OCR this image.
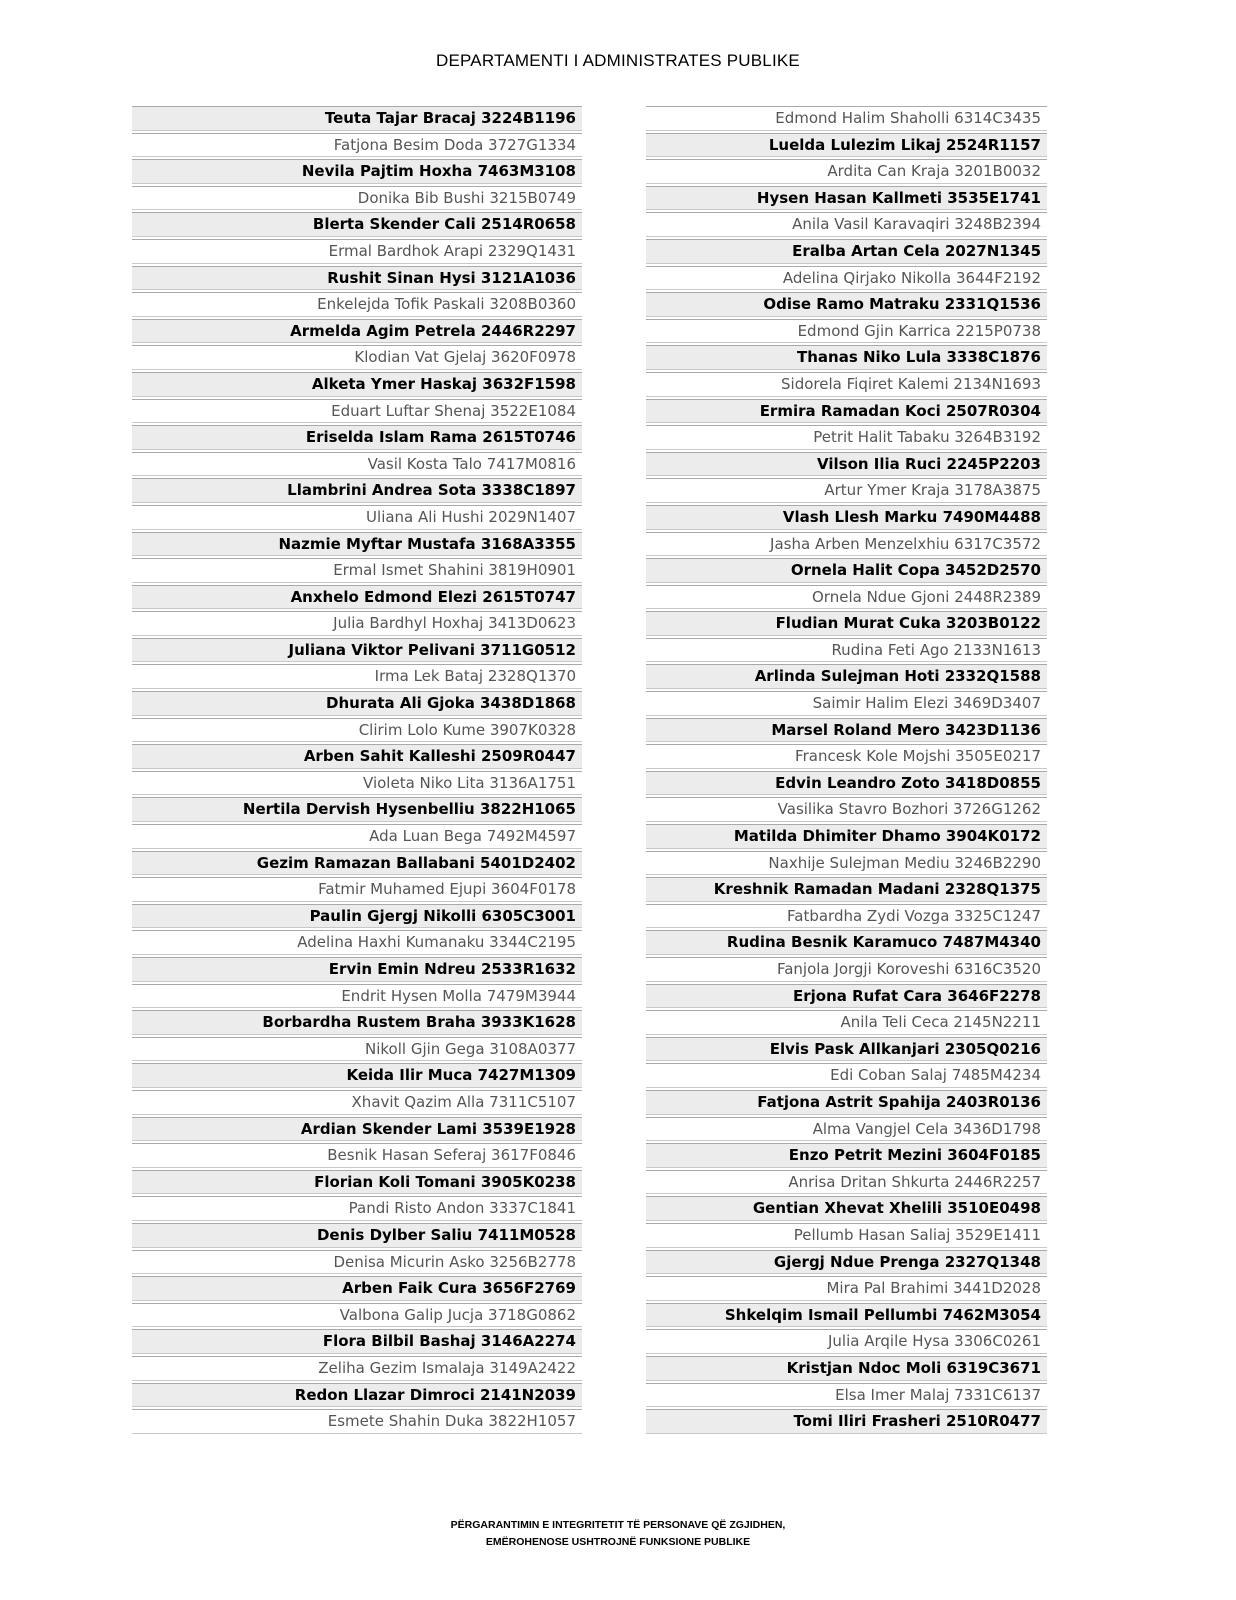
DEPARTAMENTI I ADMINISTRATES PUBLIKE
Teuta Tajar Bracaj 3224B1196
Fatjona Besim Doda 3727G1334
Nevila Pajtim Hoxha 7463M3108
Donika Bib Bushi 3215B0749
Blerta Skender Cali 2514R0658
Ermal Bardhok Arapi 2329Q1431
Rushit Sinan Hysi 3121A1036
Enkelejda Tofik Paskali 3208B0360
Armelda Agim Petrela 2446R2297
Klodian Vat Gjelaj 3620F0978
Alketa Ymer Haskaj 3632F1598
Eduart Luftar Shenaj 3522E1084
Eriselda Islam Rama 2615T0746
Vasil Kosta Talo 7417M0816
Llambrini Andrea Sota 3338C1897
Uliana Ali Hushi 2029N1407
Nazmie Myftar Mustafa 3168A3355
Ermal Ismet Shahini 3819H0901
Anxhelo Edmond Elezi 2615T0747
Julia Bardhyl Hoxhaj 3413D0623
Juliana Viktor Pelivani 3711G0512
Irma Lek Bataj 2328Q1370
Dhurata Ali Gjoka 3438D1868
Clirim Lolo Kume 3907K0328
Arben Sahit Kalleshi 2509R0447
Violeta Niko Lita 3136A1751
Nertila Dervish Hysenbelliu 3822H1065
Ada Luan Bega 7492M4597
Gezim Ramazan Ballabani 5401D2402
Fatmir Muhamed Ejupi 3604F0178
Paulin Gjergj Nikolli 6305C3001
Adelina Haxhi Kumanaku 3344C2195
Ervin Emin Ndreu 2533R1632
Endrit Hysen Molla 7479M3944
Borbardha Rustem Braha 3933K1628
Nikoll Gjin Gega 3108A0377
Keida Ilir Muca 7427M1309
Xhavit Qazim Alla 7311C5107
Ardian Skender Lami 3539E1928
Besnik Hasan Seferaj 3617F0846
Florian Koli Tomani 3905K0238
Pandi Risto Andon 3337C1841
Denis Dylber Saliu 7411M0528
Denisa Micurin Asko 3256B2778
Arben Faik Cura 3656F2769
Valbona Galip Jucja 3718G0862
Flora Bilbil Bashaj 3146A2274
Zeliha Gezim Ismalaja 3149A2422
Redon Llazar Dimroci 2141N2039
Esmete Shahin Duka 3822H1057
Edmond Halim Shaholli 6314C3435
Luelda Lulezim Likaj 2524R1157
Ardita Can Kraja 3201B0032
Hysen Hasan Kallmeti 3535E1741
Anila Vasil Karavaqiri 3248B2394
Eralba Artan Cela 2027N1345
Adelina Qirjako Nikolla 3644F2192
Odise Ramo Matraku 2331Q1536
Edmond Gjin Karrica 2215P0738
Thanas Niko Lula 3338C1876
Sidorela Fiqiret Kalemi 2134N1693
Ermira Ramadan Koci 2507R0304
Petrit Halit Tabaku 3264B3192
Vilson Ilia Ruci 2245P2203
Artur Ymer Kraja 3178A3875
Vlash Llesh Marku 7490M4488
Jasha Arben Menzelxhiu 6317C3572
Ornela Halit Copa 3452D2570
Ornela Ndue Gjoni 2448R2389
Fludian Murat Cuka 3203B0122
Rudina Feti Ago 2133N1613
Arlinda Sulejman Hoti 2332Q1588
Saimir Halim Elezi 3469D3407
Marsel Roland Mero 3423D1136
Francesk Kole Mojshi 3505E0217
Edvin Leandro Zoto 3418D0855
Vasilika Stavro Bozhori 3726G1262
Matilda Dhimiter Dhamo 3904K0172
Naxhije Sulejman Mediu 3246B2290
Kreshnik Ramadan Madani 2328Q1375
Fatbardha Zydi Vozga 3325C1247
Rudina Besnik Karamuco 7487M4340
Fanjola Jorgji Koroveshi 6316C3520
Erjona Rufat Cara 3646F2278
Anila Teli Ceca 2145N2211
Elvis Pask Allkanjari 2305Q0216
Edi Coban Salaj 7485M4234
Fatjona Astrit Spahija 2403R0136
Alma Vangjel Cela 3436D1798
Enzo Petrit Mezini 3604F0185
Anrisa Dritan Shkurta 2446R2257
Gentian Xhevat Xhelili 3510E0498
Pellumb Hasan Saliaj 3529E1411
Gjergj Ndue Prenga 2327Q1348
Mira Pal Brahimi 3441D2028
Shkelqim Ismail Pellumbi 7462M3054
Julia Arqile Hysa 3306C0261
Kristjan Ndoc Moli 6319C3671
Elsa Imer Malaj 7331C6137
Tomi Iliri Frasheri 2510R0477
PËRGARANTIMIN E INTEGRITETIT TË PERSONAVE QË ZGJIDHEN,
EMËROHENOSE USHTROJNË FUNKSIONE PUBLIKE
